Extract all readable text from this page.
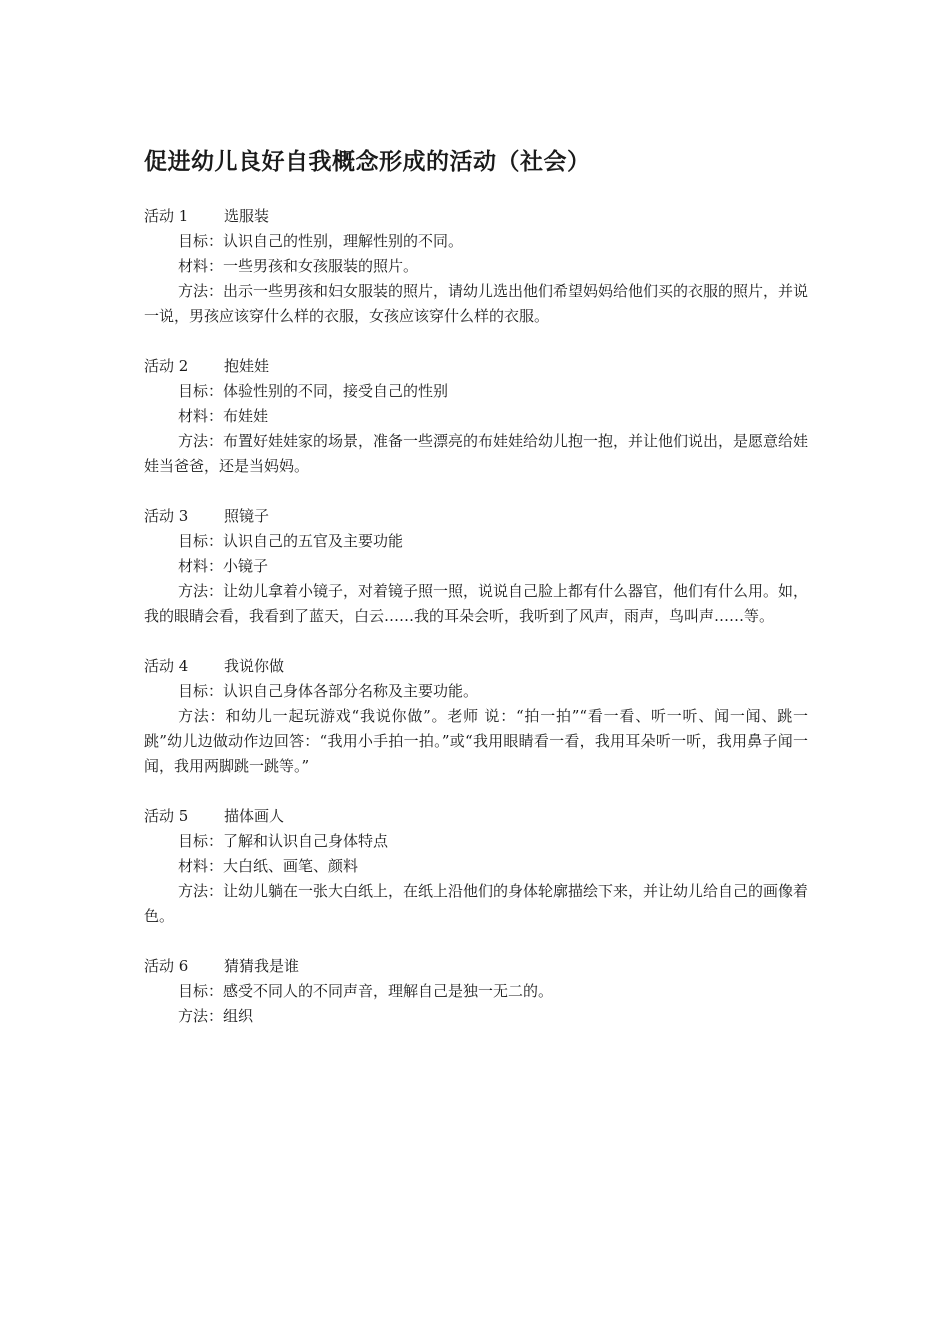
促进幼儿良好自我概念形成的活动（社会）
活动 1	选服装
目标：认识自己的性别，理解性别的不同。
材料：一些男孩和女孩服装的照片。

方法：出示一些男孩和妇女服装的照片，请幼儿选出他们希望妈妈给他们买的衣服的照片，并说一说，男孩应该穿什么样的衣服，女孩应该穿什么样的衣服。

活动 2	抱娃娃
目标：体验性别的不同，接受自己的性别
材料：布娃娃

方法：布置好娃娃家的场景，准备一些漂亮的布娃娃给幼儿抱一抱，并让他们说出，是愿意给娃娃当爸爸，还是当妈妈。

活动 3	照镜子
目标：认识自己的五官及主要功能
材料：小镜子

方法：让幼儿拿着小镜子，对着镜子照一照，说说自己脸上都有什么器官，他们有什么用。如，我的眼睛会看，我看到了蓝天，白云……我的耳朵会听，我听到了风声，雨声，鸟叫声……等。

活动 4	我说你做
目标：认识自己身体各部分名称及主要功能。

方法：和幼儿一起玩游戏“我说你做”。老师 说：“拍一拍”“看一看、听一听、闻一闻、跳一跳”幼儿边做动作边回答：“我用小手拍一拍。”或“我用眼睛看一看，我用耳朵听一听，我用鼻子闻一闻，我用两脚跳一跳等。”

活动 5	描体画人
目标：了解和认识自己身体特点
材料：大白纸、画笔、颜料

方法：让幼儿躺在一张大白纸上，在纸上沿他们的身体轮廓描绘下来，并让幼儿给自己的画像着色。

活动 6	猜猜我是谁
目标：感受不同人的不同声音，理解自己是独一无二的。
方法：组织
